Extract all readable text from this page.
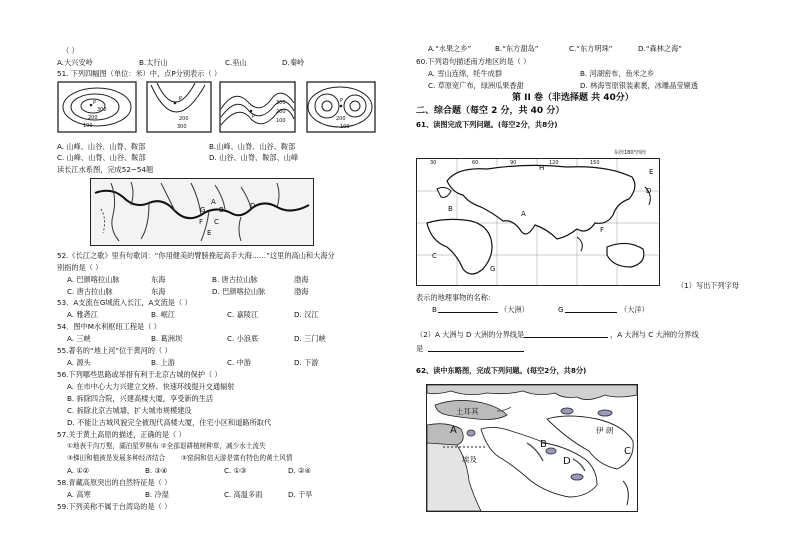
（ ）
A.大兴安岭	B.太行山	C.巫山	D.秦岭
51. 下列四幅图（单位：米）中，点P分别表示（ ）
P
300
200
100
P
200
300
P
300
200
100
P
200
100
A. 山峰、山谷、山脊、鞍部	B.山峰、山脊、山谷、鞍部
C. 山峰、山脊、山谷、鞍部	D. 山谷、山脊、鞍部、山峰
读长江水系图，完成52~54题
A
G B
F C
E
D
52.《长江之歌》里有句歌词：“你用健美的臂膀挽起高手大海……”这里的高山和大海分
别指的是（ ）
A. 巴颜喀拉山脉	东海	B. 唐古拉山脉	渤海
C. 唐古拉山脉	东海	D. 巴颜喀拉山脉	渤海
53．A支流在G城流入长江，A支流是（ ）
A. 雅砻江	B. 岷江	C. 嘉陵江	D. 汉江
54．图中M水利枢纽工程是（ ）
A. 三峡	B. 葛洲坝	C. 小浪底	D. 三门峡
55.著名的“地上河”位于黄河的（ ）
A. 源头	B. 上游	C. 中游	D. 下游
56.下列哪些思路或举措有利于北京古城的保护（ ）
A. 在市中心大力兴建立交桥、快速环线提升交通辐射
B. 拆除四合院，兴建高楼大厦，享受新的生活
C. 拆除北京古城墙，扩大城市规模建设
D. 不能让古城风貌完全被现代高楼大厦，住宅小区和道路所取代
57.关于黄土高原的描述，正确的是（ ）
①地表千沟万壑，湖泊星罗棋布 ②全部退耕植树种草，减少水土流失
③梯田和植被是发展多种经济结合 ③窑洞和信天游是富有特色的黄土风情
A. ①②	B. ③④	C. ①③	D. ②④
58.青藏高原突出的自然特征是（ ）
A. 高寒	B. 冷湿	C. 高温多雨	D. 干旱
59.下列美称不属于台湾岛的是（ ）
A.“水果之乡”	B.“东方甜岛”	C.“东方明珠”	D.“森林之海”
60.下列语句描述南方地区的是（ ）
A. 雪山连绵，牦牛成群	B. 河湖密布，鱼米之乡
C. 草原宽广布，绿洲瓜果香甜	D. 林海雪原银装素裹，冰雕晶莹剔透
第 II 卷（非选择题 共 40分）
二、综合题（每空 2 分，共 40 分）
61、读图完成下列问题。(每空2分，共8分)
30	60	90	120	150
东经180°西经
A
B
C
D
E
F
G
H
（1）写出下列字母
表示的地理事物的名称：
B	（大洲）	G	（大洋）
（2）A 大洲与 D 大洲的分界线是	，A 大洲与 C 大洲的分界线
是
62、读中东略图，完成下列问题。(每空2分，共8分)
土耳其
A	伊 朗
B
C
D
埃及
